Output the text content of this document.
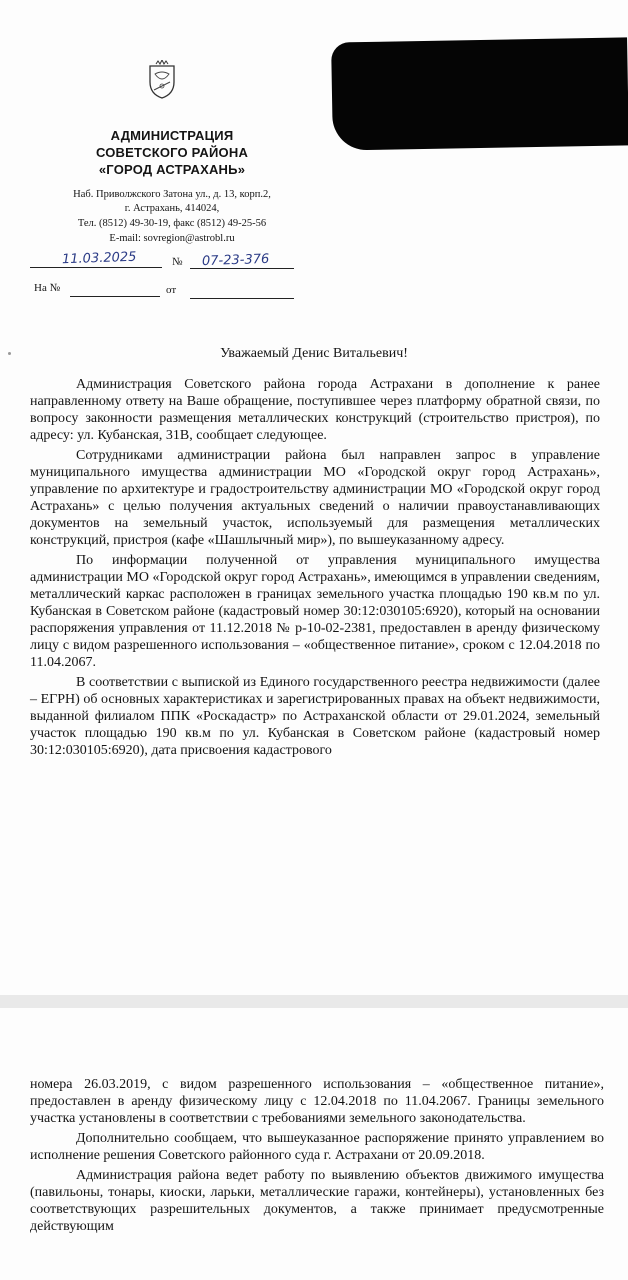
АДМИНИСТРАЦИЯ
СОВЕТСКОГО РАЙОНА
«ГОРОД АСТРАХАНЬ»
Наб. Приволжского Затона ул., д. 13, корп.2,
г. Астрахань, 414024,
Тел. (8512) 49-30-19, факс (8512) 49-25-56
E-mail: sovregion@astrobl.ru
11.03.2025	№ 07-23-376
На №	от
Уважаемый Денис Витальевич!

Администрация Советского района города Астрахани в дополнение к ранее направленному ответу на Ваше обращение, поступившее через платформу обратной связи, по вопросу законности размещения металлических конструкций (строительство пристроя), по адресу: ул. Кубанская, 31В, сообщает следующее.

Сотрудниками администрации района был направлен запрос в управление муниципального имущества администрации МО «Городской округ город Астрахань», управление по архитектуре и градостроительству администрации МО «Городской округ город Астрахань» с целью получения актуальных сведений о наличии правоустанавливающих документов на земельный участок, используемый для размещения металлических конструкций, пристроя (кафе «Шашлычный мир»), по вышеуказанному адресу.

По информации полученной от управления муниципального имущества администрации МО «Городской округ город Астрахань», имеющимся в управлении сведениям, металлический каркас расположен в границах земельного участка площадью 190 кв.м по ул. Кубанская в Советском районе (кадастровый номер 30:12:030105:6920), который на основании распоряжения управления от 11.12.2018 № р-10-02-2381, предоставлен в аренду физическому лицу с видом разрешенного использования – «общественное питание», сроком с 12.04.2018 по 11.04.2067.

В соответствии с выпиской из Единого государственного реестра недвижимости (далее – ЕГРН) об основных характеристиках и зарегистрированных правах на объект недвижимости, выданной филиалом ППК «Роскадастр» по Астраханской области от 29.01.2024, земельный участок площадью 190 кв.м по ул. Кубанская в Советском районе (кадастровый номер 30:12:030105:6920), дата присвоения кадастрового

номера 26.03.2019, с видом разрешенного использования – «общественное питание», предоставлен в аренду физическому лицу с 12.04.2018 по 11.04.2067. Границы земельного участка установлены в соответствии с требованиями земельного законодательства.

Дополнительно сообщаем, что вышеуказанное распоряжение принято управлением во исполнение решения Советского районного суда г. Астрахани от 20.09.2018.

Администрация района ведет работу по выявлению объектов движимого имущества (павильоны, тонары, киоски, ларьки, металлические гаражи, контейнеры), установленных без соответствующих разрешительных документов, а также принимает предусмотренные действующим
